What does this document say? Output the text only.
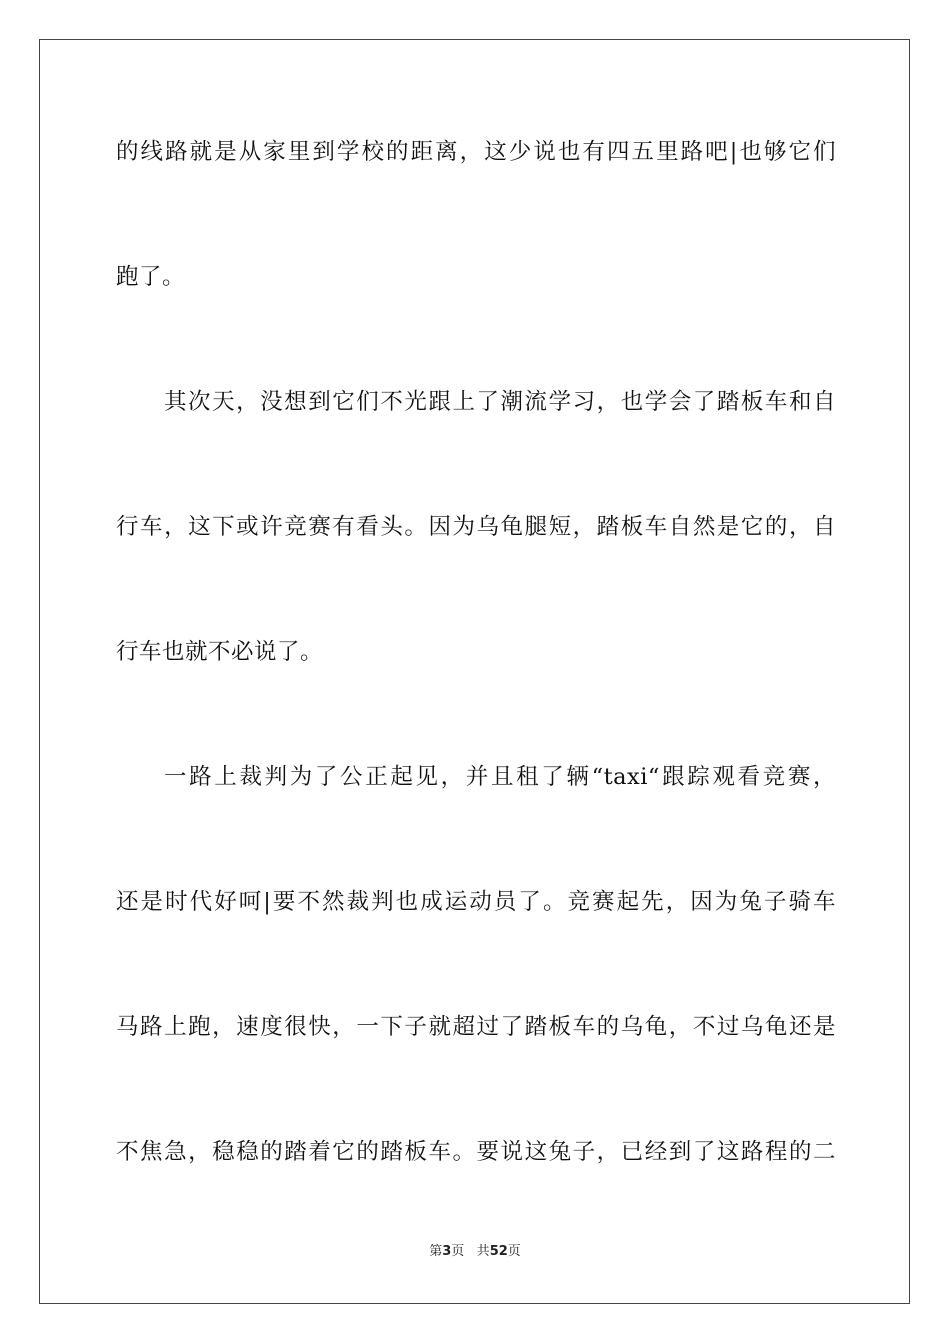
的线路就是从家里到学校的距离，这少说也有四五里路吧|也够它们
跑了。
其次天，没想到它们不光跟上了潮流学习，也学会了踏板车和自
行车，这下或许竞赛有看头。因为乌龟腿短，踏板车自然是它的，自
行车也就不必说了。
一路上裁判为了公正起见，并且租了辆“taxi“跟踪观看竞赛，
还是时代好呵|要不然裁判也成运动员了。竞赛起先，因为兔子骑车
马路上跑，速度很快，一下子就超过了踏板车的乌龟，不过乌龟还是
不焦急，稳稳的踏着它的踏板车。要说这兔子，已经到了这路程的二
第3页 共52页
